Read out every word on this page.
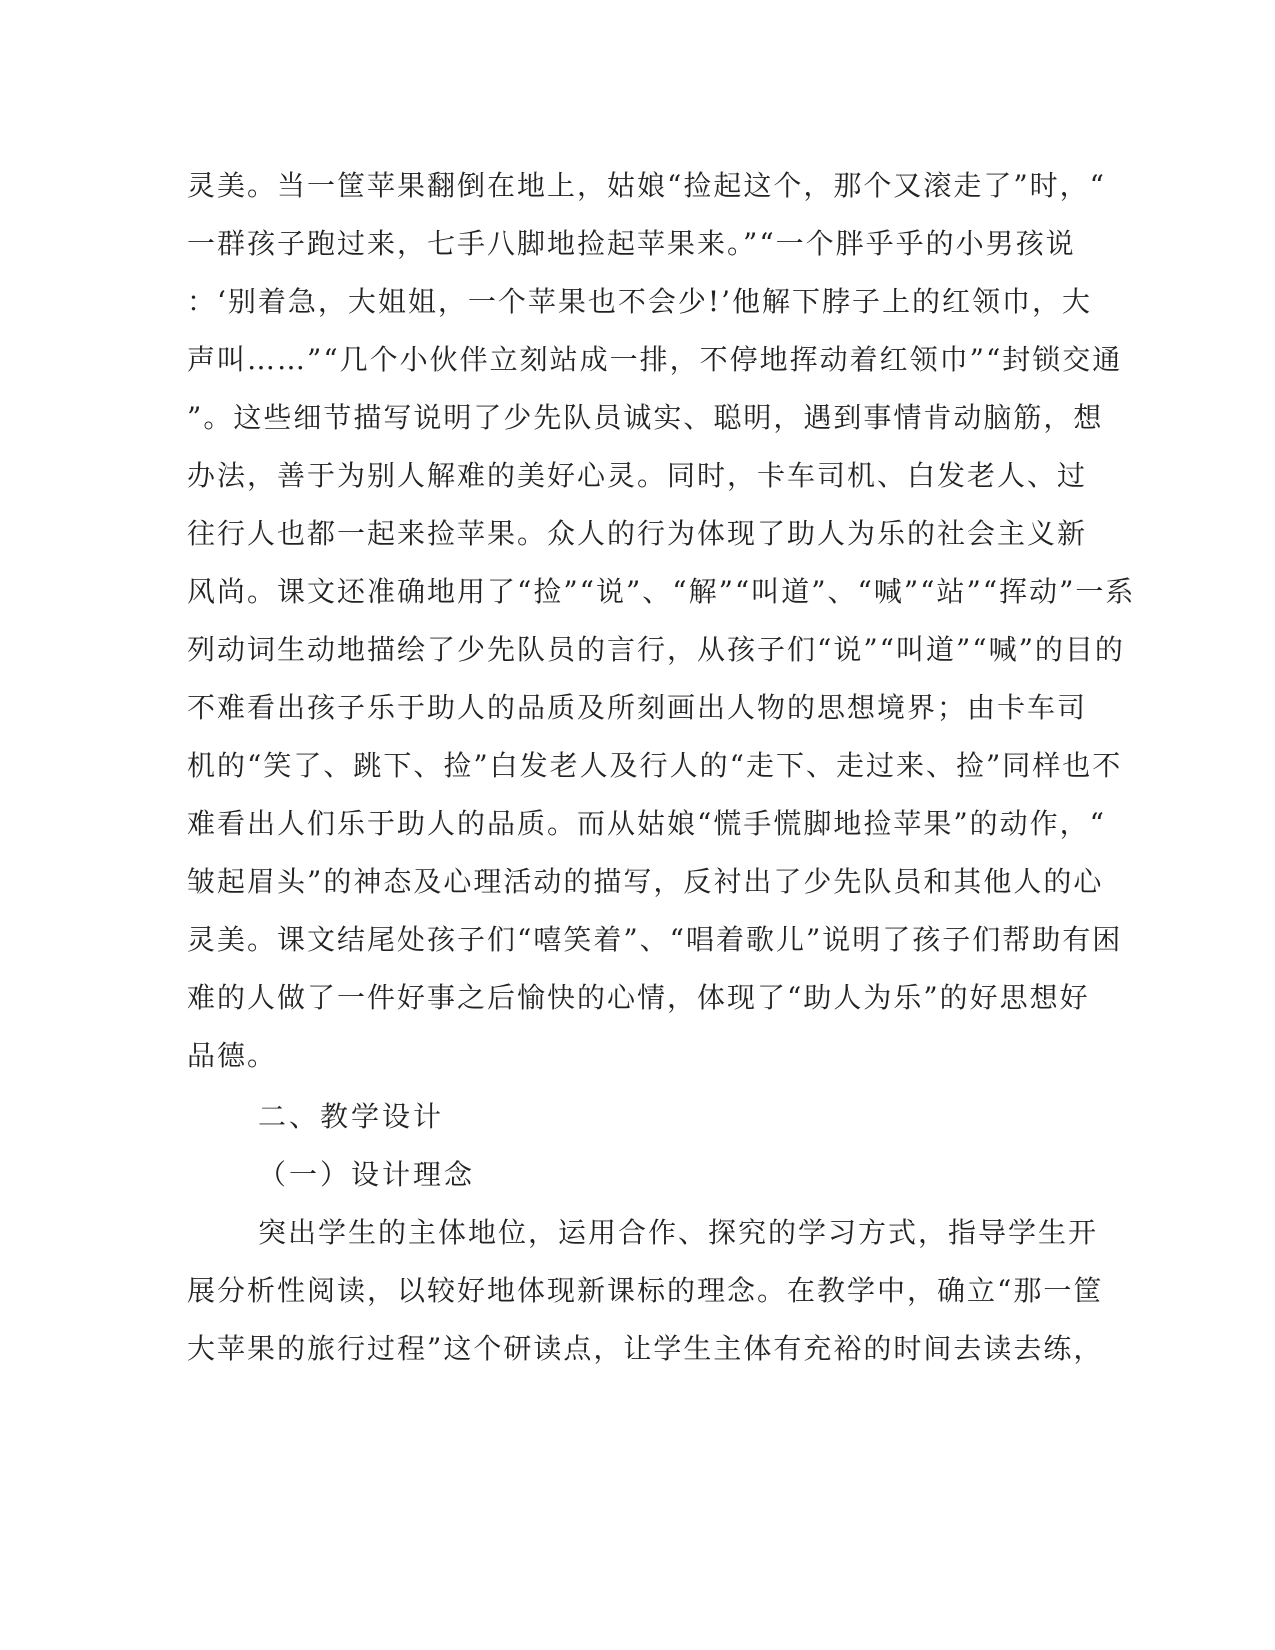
灵美。当一筐苹果翻倒在地上，姑娘“捡起这个，那个又滚走了”时，“
一群孩子跑过来，七手八脚地捡起苹果来。”“一个胖乎乎的小男孩说
：‘别着急，大姐姐，一个苹果也不会少!’他解下脖子上的红领巾，大
声叫……”“几个小伙伴立刻站成一排，不停地挥动着红领巾”“封锁交通
”。这些细节描写说明了少先队员诚实、聪明，遇到事情肯动脑筋，想
办法，善于为别人解难的美好心灵。同时，卡车司机、白发老人、过
往行人也都一起来捡苹果。众人的行为体现了助人为乐的社会主义新
风尚。课文还准确地用了“捡”“说”、“解”“叫道”、“喊”“站”“挥动”一系
列动词生动地描绘了少先队员的言行，从孩子们“说”“叫道”“喊”的目的
不难看出孩子乐于助人的品质及所刻画出人物的思想境界；由卡车司
机的“笑了、跳下、捡”白发老人及行人的“走下、走过来、捡”同样也不
难看出人们乐于助人的品质。而从姑娘“慌手慌脚地捡苹果”的动作，“
皱起眉头”的神态及心理活动的描写，反衬出了少先队员和其他人的心
灵美。课文结尾处孩子们“嘻笑着”、“唱着歌儿”说明了孩子们帮助有困
难的人做了一件好事之后愉快的心情，体现了“助人为乐”的好思想好
品德。
二、教学设计
（一）设计理念
突出学生的主体地位，运用合作、探究的学习方式，指导学生开
展分析性阅读，以较好地体现新课标的理念。在教学中，确立“那一筐
大苹果的旅行过程”这个研读点，让学生主体有充裕的时间去读去练，
